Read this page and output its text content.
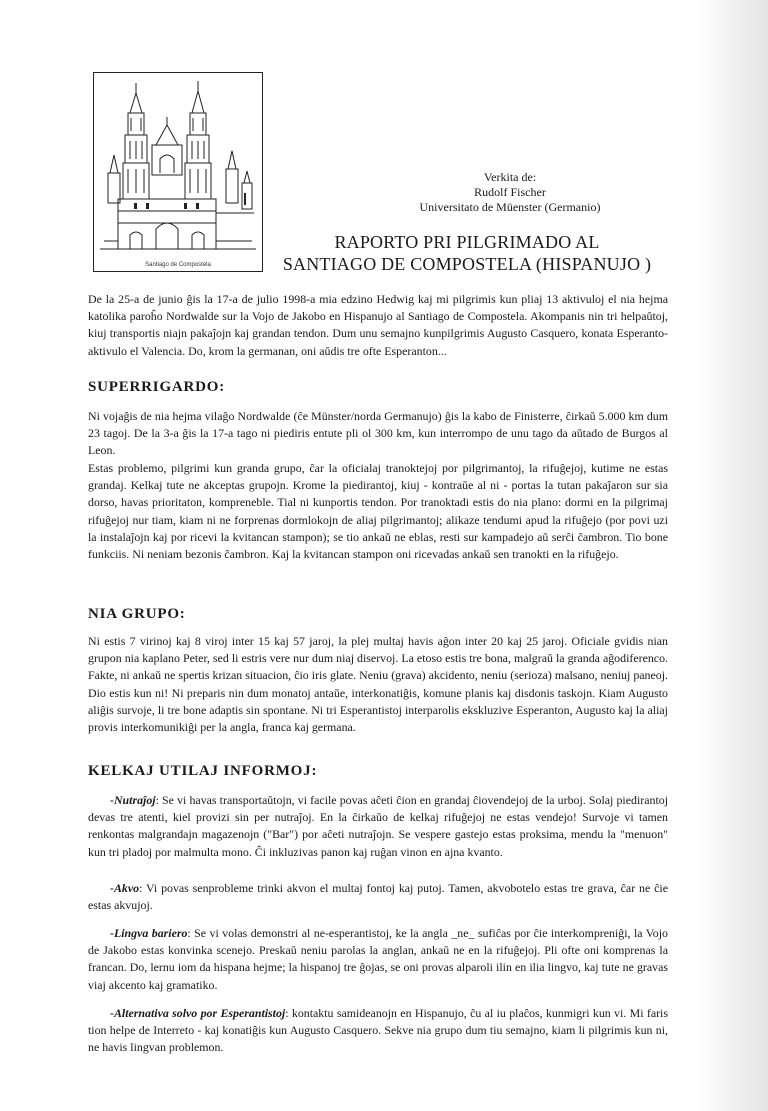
Santiago de Compostela
Verkita de:
Rudolf Fischer
Universitato de Müenster (Germanio)
RAPORTO PRI PILGRIMADO AL
SANTIAGO DE COMPOSTELA (HISPANUJO )

De la 25-a de junio ĝis la 17-a de julio 1998-a mia edzino Hedwig kaj mi pilgrimis kun pliaj 13 aktivuloj el nia hejma katolika paroĥo Nordwalde sur la Vojo de Jakobo en Hispanujo al Santiago de Compostela. Akompanis nin tri helpaŭtoj, kiuj transportis niajn pakaĵojn kaj grandan tendon. Dum unu semajno kunpilgrimis Augusto Casquero, konata Esperanto-aktivulo el Valencia. Do, krom la germanan, oni aŭdis tre ofte Esperanton...

SUPERRIGARDO:

Ni vojaĝis de nia hejma vilaĝo Nordwalde (ĉe Münster/norda Germanujo) ĝis la kabo de Finisterre, ĉirkaŭ 5.000 km dum 23 tagoj. De la 3-a ĝis la 17-a tago ni piediris entute pli ol 300 km, kun interrompo de unu tago da aŭtado de Burgos al Leon.

Estas problemo, pilgrimi kun granda grupo, ĉar la oficialaj tranoktejoj por pilgrimantoj, la rifuĝejoj, kutime ne estas grandaj. Kelkaj tute ne akceptas grupojn. Krome la piedirantoj, kiuj - kontraŭe al ni - portas la tutan pakaĵaron sur sia dorso, havas prioritaton, kompreneble. Tial ni kunportis tendon. Por tranoktadi estis do nia plano: dormi en la pilgrimaj rifuĝejoj nur tiam, kiam ni ne forprenas dormlokojn de aliaj pilgrimantoj; alikaze tendumi apud la rifuĝejo (por povi uzi la instalaĵojn kaj por ricevi la kvitancan stampon); se tio ankaŭ ne eblas, resti sur kampadejo aŭ serĉi ĉambron. Tio bone funkciis. Ni neniam bezonis ĉambron. Kaj la kvitancan stampon oni ricevadas ankaŭ sen tranokti en la rifuĝejo.

NIA GRUPO:

Ni estis 7 virinoj kaj 8 viroj inter 15 kaj 57 jaroj, la plej multaj havis aĝon inter 20 kaj 25 jaroj. Oficiale gvidis nian grupon nia kaplano Peter, sed li estris vere nur dum niaj diservoj. La etoso estis tre bona, malgraŭ la granda aĝodiferenco. Fakte, ni ankaŭ ne spertis krizan situacion, ĉio iris glate. Neniu (grava) akcidento, neniu (serioza) malsano, neniuj paneoj. Dio estis kun ni! Ni preparis nin dum monatoj antaŭe, interkonatiĝis, komune planis kaj disdonis taskojn. Kiam Augusto aliĝis survoje, li tre bone adaptis sin spontane. Ni tri Esperantistoj interparolis ekskluzive Esperanton, Augusto kaj la aliaj provis interkomunikiĝi per la angla, franca kaj germana.

KELKAJ UTILAJ INFORMOJ:

-Nutraĵoj: Se vi havas transportaŭtojn, vi facile povas aĉeti ĉion en grandaj ĉiovendejoj de la urboj. Solaj piedirantoj devas tre atenti, kiel provizi sin per nutraĵoj. En la ĉirkaŭo de kelkaj rifuĝejoj ne estas vendejo! Survoje vi tamen renkontas malgrandajn magazenojn ("Bar") por aĉeti nutraĵojn. Se vespere gastejo estas proksima, mendu la "menuon" kun tri pladoj por malmulta mono. Ĉi inkluzivas panon kaj ruĝan vinon en ajna kvanto.

-Akvo: Vi povas senprobleme trinki akvon el multaj fontoj kaj putoj. Tamen, akvobotelo estas tre grava, ĉar ne ĉie estas akvujoj.

-Lingva bariero: Se vi volas demonstri al ne-esperantistoj, ke la angla _ne_ sufiĉas por ĉie interkompreniĝi, la Vojo de Jakobo estas konvinka scenejo. Preskaŭ neniu parolas la anglan, ankaŭ ne en la rifuĝejoj. Pli ofte oni komprenas la francan. Do, lernu iom da hispana hejme; la hispanoj tre ĝojas, se oni provas alparoli ilin en ilia lingvo, kaj tute ne gravas viaj akcento kaj gramatiko.

-Alternativa solvo por Esperantistoj: kontaktu samideanojn en Hispanujo, ĉu al iu plaĉos, kunmigri kun vi. Mi faris tion helpe de Interreto - kaj konatiĝis kun Augusto Casquero. Sekve nia grupo dum tiu semajno, kiam li pilgrimis kun ni, ne havis lingvan problemon.
